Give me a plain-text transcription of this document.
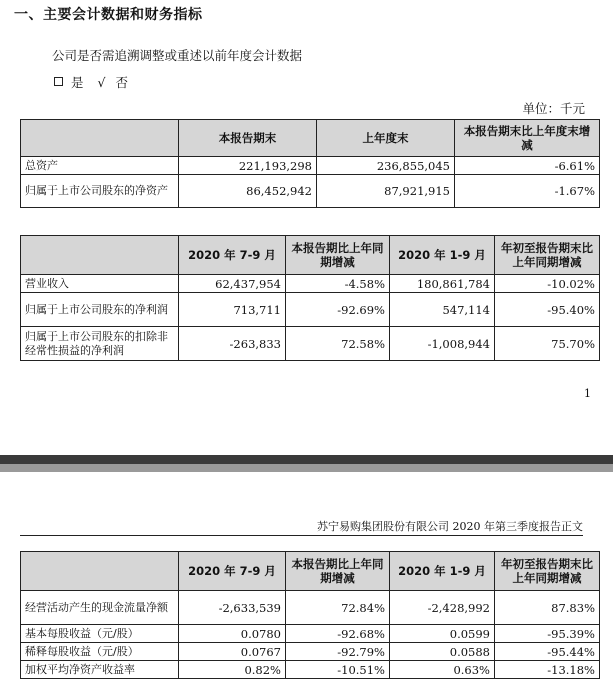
一、主要会计数据和财务指标
公司是否需追溯调整或重述以前年度会计数据
是 √ 否
单位：千元
	本报告期末	上年度末	本报告期末比上年度末增减
总资产	221,193,298	236,855,045	-6.61%
归属于上市公司股东的净资产	86,452,942	87,921,915	-1.67%
	2020 年 7-9 月	本报告期比上年同期增减	2020 年 1-9 月	年初至报告期末比上年同期增减
营业收入	62,437,954	-4.58%	180,861,784	-10.02%
归属于上市公司股东的净利润	713,711	-92.69%	547,114	-95.40%
归属于上市公司股东的扣除非经常性损益的净利润	-263,833	72.58%	-1,008,944	75.70%
1
苏宁易购集团股份有限公司 2020 年第三季度报告正文
	2020 年 7-9 月	本报告期比上年同期增减	2020 年 1-9 月	年初至报告期末比上年同期增减
经营活动产生的现金流量净额	-2,633,539	72.84%	-2,428,992	87.83%
基本每股收益（元/股）	0.0780	-92.68%	0.0599	-95.39%
稀释每股收益（元/股）	0.0767	-92.79%	0.0588	-95.44%
加权平均净资产收益率	0.82%	-10.51%	0.63%	-13.18%
